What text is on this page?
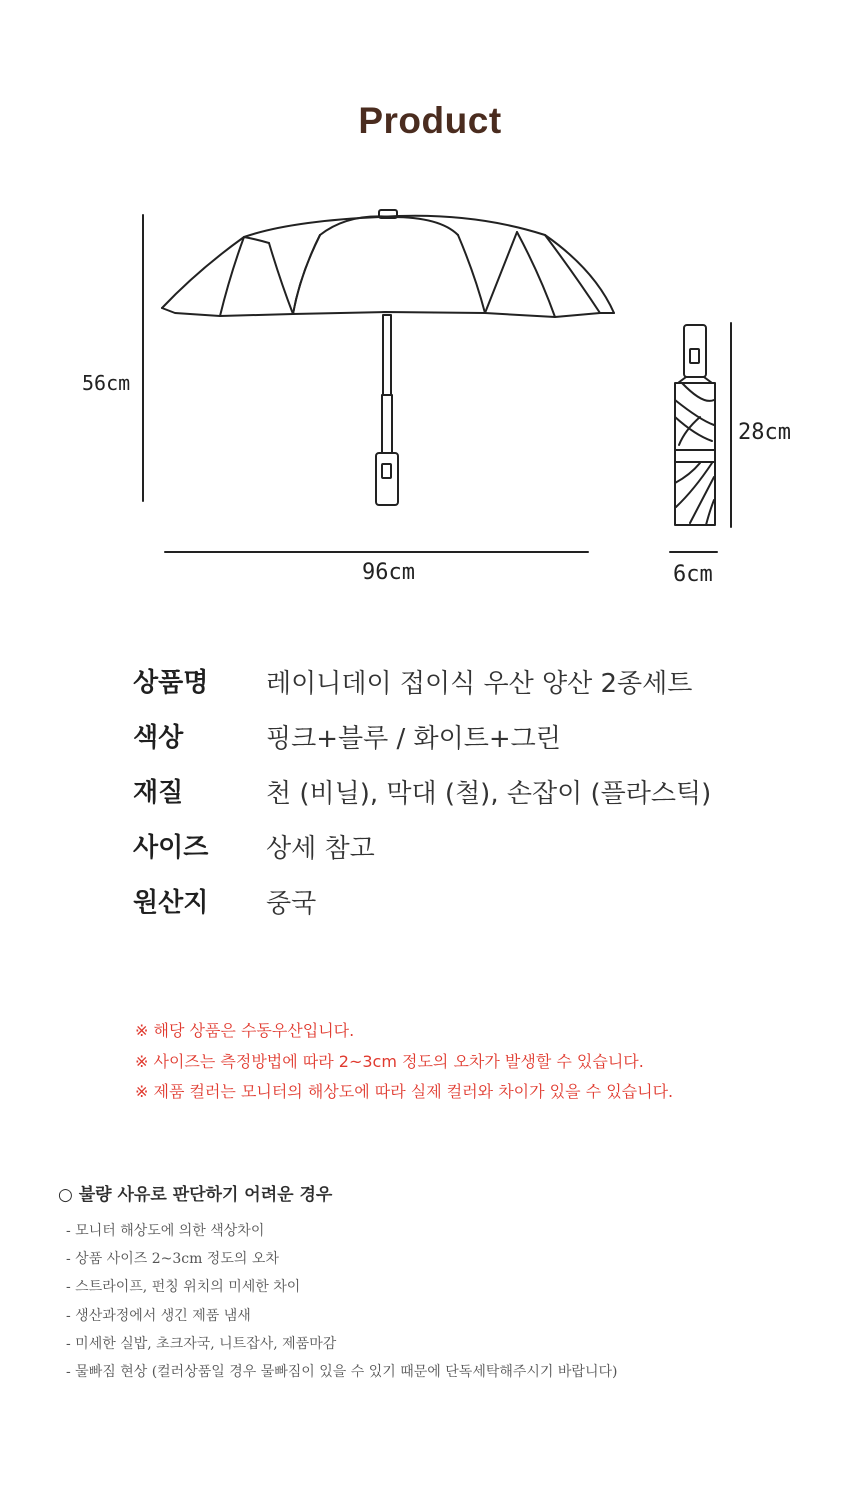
Product
56cm
96cm
28cm
6cm
상품명 레이니데이 접이식 우산 양산 2종세트
색상	핑크+블루 / 화이트+그린
재질	천 (비닐), 막대 (철), 손잡이 (플라스틱)
사이즈 상세 참고
원산지 중국
※ 해당 상품은 수동우산입니다.
※ 사이즈는 측정방법에 따라 2~3cm 정도의 오차가 발생할 수 있습니다.
※ 제품 컬러는 모니터의 해상도에 따라 실제 컬러와 차이가 있을 수 있습니다.
○ 불량 사유로 판단하기 어려운 경우
- 모니터 해상도에 의한 색상차이
- 상품 사이즈 2~3cm 정도의 오차
- 스트라이프, 펀칭 위치의 미세한 차이
- 생산과정에서 생긴 제품 냄새
- 미세한 실밥, 초크자국, 니트잡사, 제품마감
- 물빠짐 현상 (컬러상품일 경우 물빠짐이 있을 수 있기 때문에 단독세탁해주시기 바랍니다)
